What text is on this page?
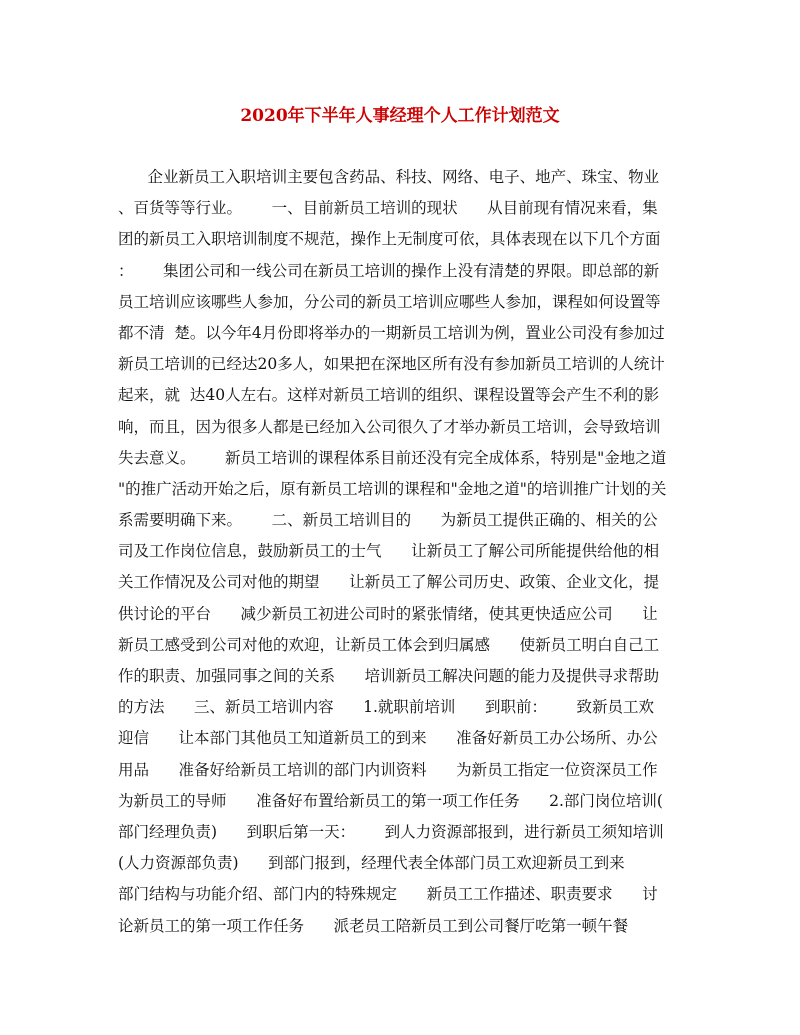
2020年下半年人事经理个人工作计划范文
企业新员工入职培训主要包含药品、科技、网络、电子、地产、珠宝、物业
、百货等等行业。      一、目前新员工培训的现状      从目前现有情况来看，集
团的新员工入职培训制度不规范，操作上无制度可依，具体表现在以下几个方面
：      集团公司和一线公司在新员工培训的操作上没有清楚的界限。即总部的新
员工培训应该哪些人参加，分公司的新员工培训应哪些人参加，课程如何设置等
都不清  楚。以今年4月份即将举办的一期新员工培训为例，置业公司没有参加过
新员工培训的已经达20多人，如果把在深地区所有没有参加新员工培训的人统计
起来，就  达40人左右。这样对新员工培训的组织、课程设置等会产生不利的影
响，而且，因为很多人都是已经加入公司很久了才举办新员工培训，会导致培训
失去意义。      新员工培训的课程体系目前还没有完全成体系，特别是"金地之道
"的推广活动开始之后，原有新员工培训的课程和"金地之道"的培训推广计划的关
系需要明确下来。      二、新员工培训目的      为新员工提供正确的、相关的公
司及工作岗位信息，鼓励新员工的士气      让新员工了解公司所能提供给他的相
关工作情况及公司对他的期望      让新员工了解公司历史、政策、企业文化，提
供讨论的平台      减少新员工初进公司时的紧张情绪，使其更快适应公司      让
新员工感受到公司对他的欢迎，让新员工体会到归属感      使新员工明白自己工
作的职责、加强同事之间的关系      培训新员工解决问题的能力及提供寻求帮助
的方法      三、新员工培训内容      1.就职前培训      到职前：      致新员工欢
迎信      让本部门其他员工知道新员工的到来      准备好新员工办公场所、办公
用品      准备好给新员工培训的部门内训资料      为新员工指定一位资深员工作
为新员工的导师      准备好布置给新员工的第一项工作任务      2.部门岗位培训(
部门经理负责)      到职后第一天：      到人力资源部报到，进行新员工须知培训
(人力资源部负责)      到部门报到，经理代表全体部门员工欢迎新员工到来
部门结构与功能介绍、部门内的特殊规定      新员工工作描述、职责要求      讨
论新员工的第一项工作任务      派老员工陪新员工到公司餐厅吃第一顿午餐
